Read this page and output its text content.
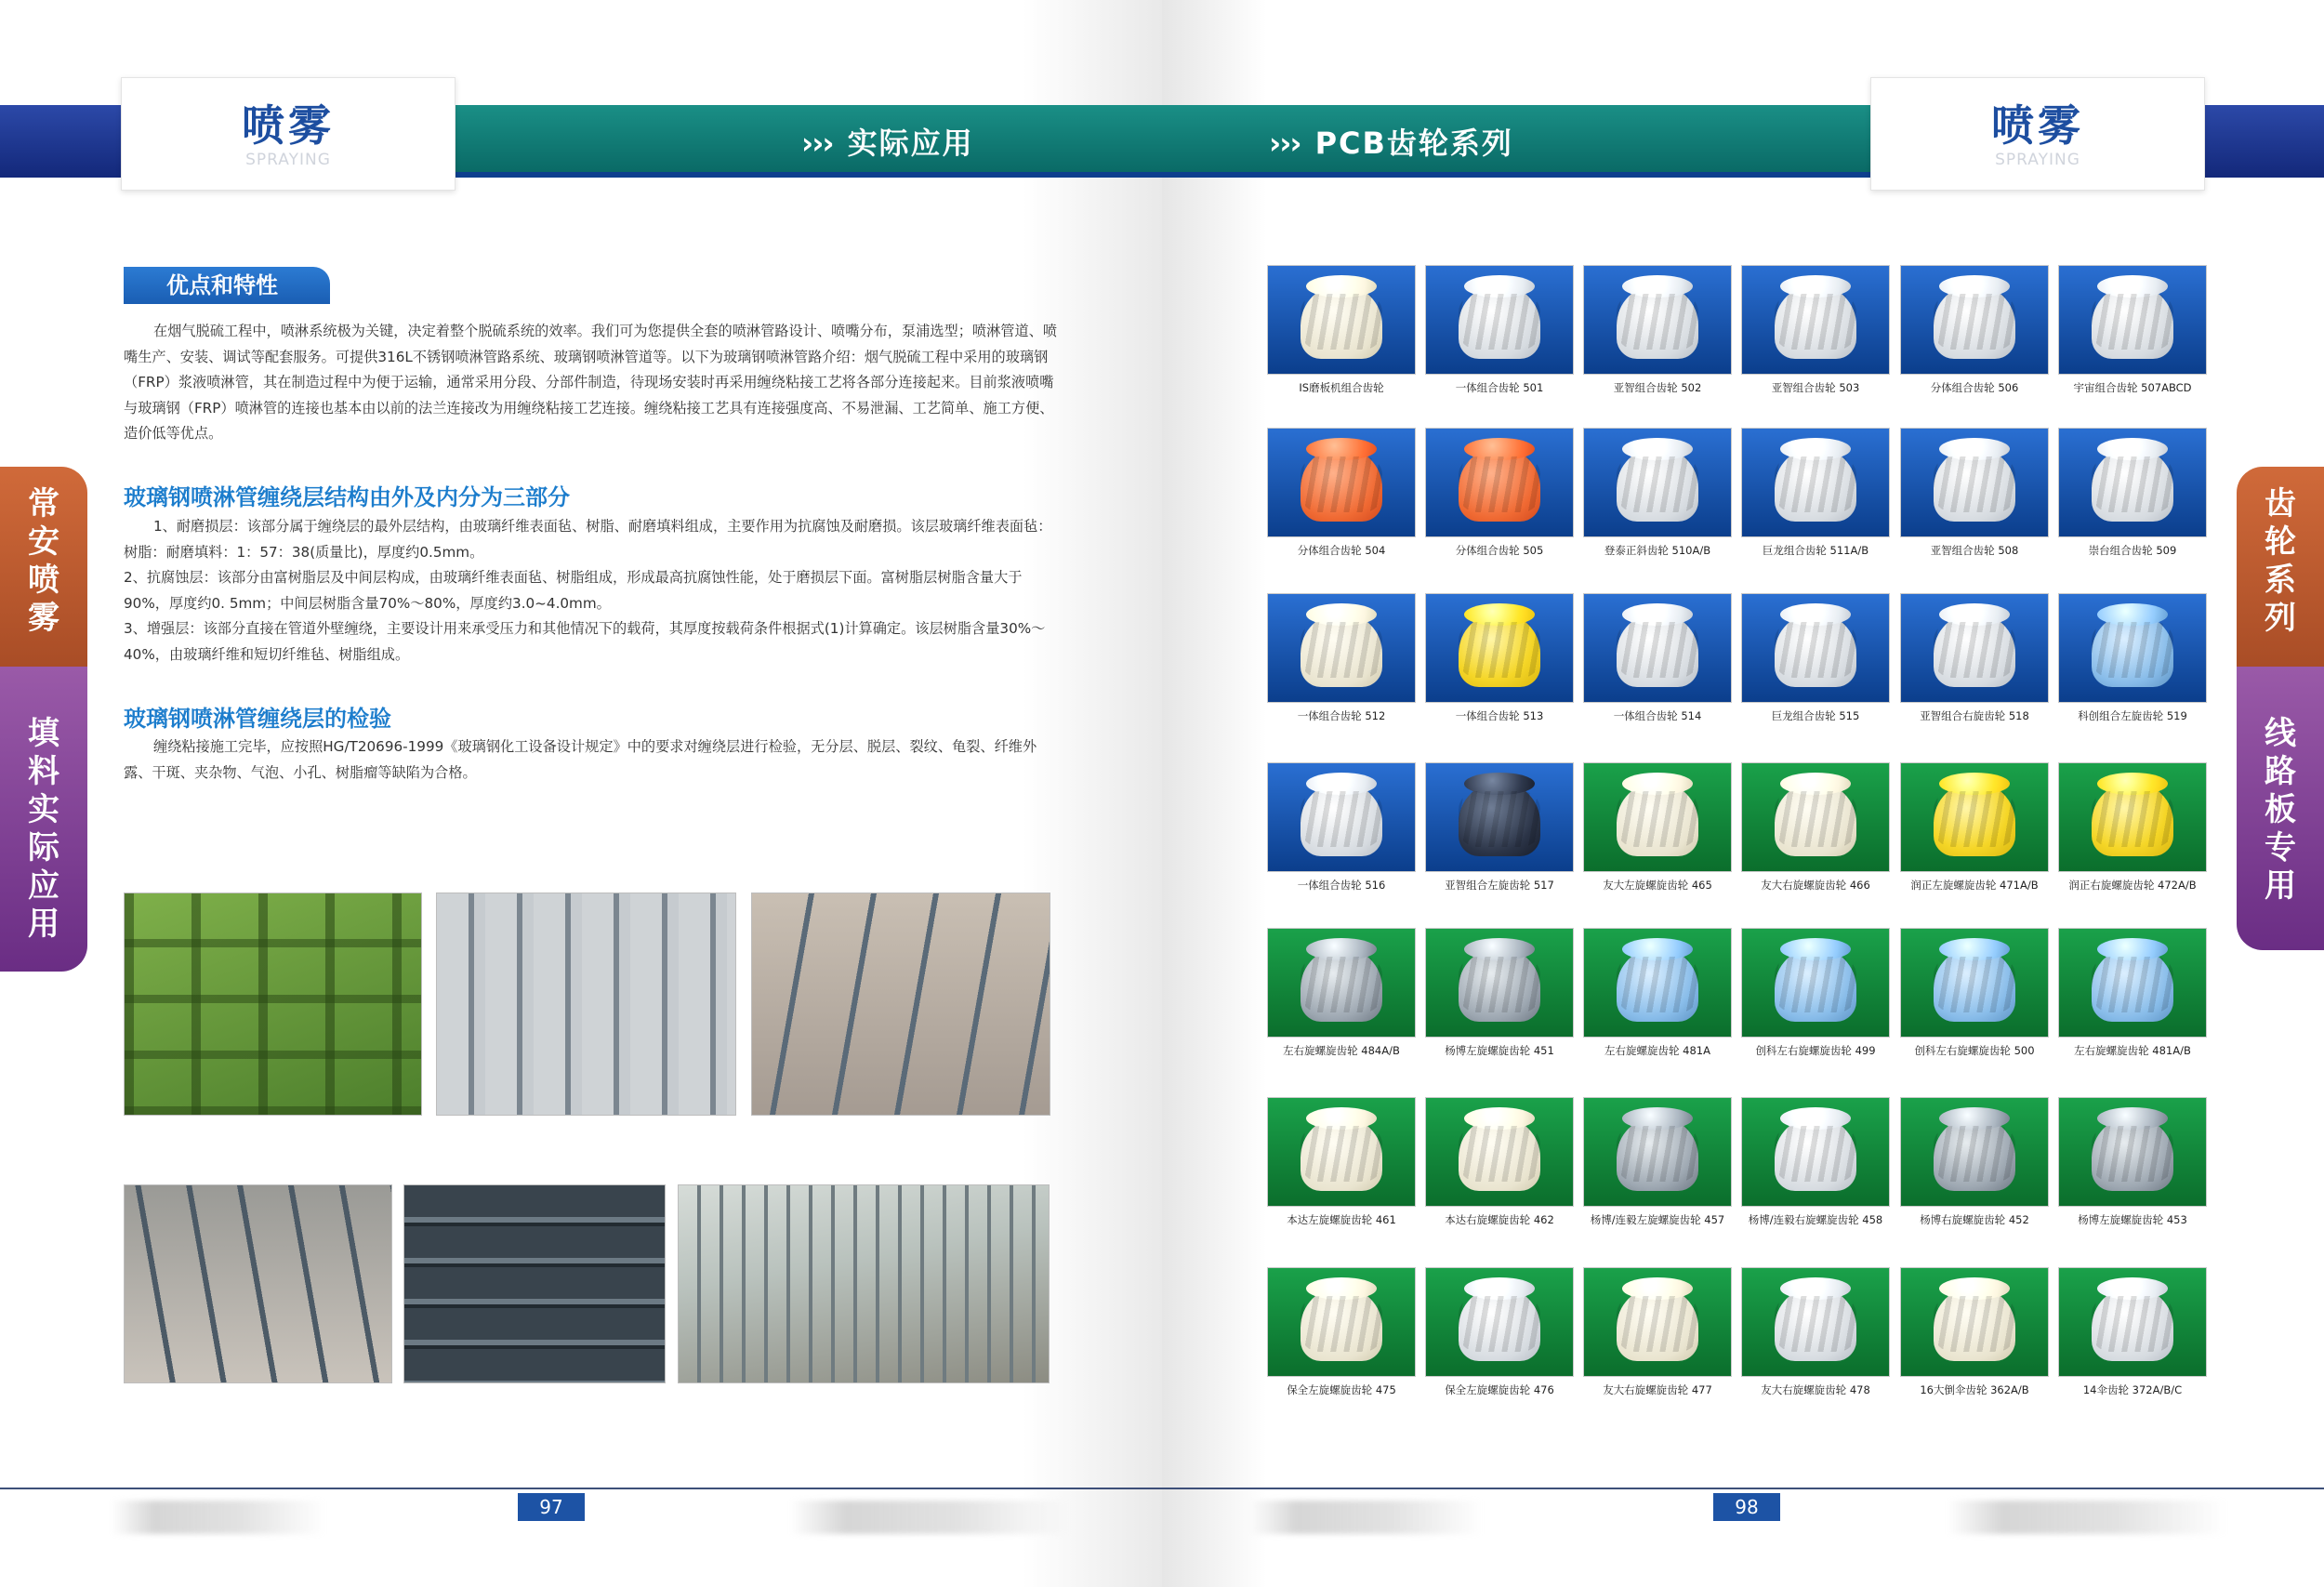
››› 实际应用
喷雾
SPRAYING
优点和特性
在烟气脱硫工程中，喷淋系统极为关键，决定着整个脱硫系统的效率。我们可为您提供全套的喷淋管路设计、喷嘴分布，泵浦选型；喷淋管道、喷嘴生产、安装、调试等配套服务。可提供316L不锈钢喷淋管路系统、玻璃钢喷淋管道等。以下为玻璃钢喷淋管路介绍：烟气脱硫工程中采用的玻璃钢（FRP）浆液喷淋管，其在制造过程中为便于运输，通常采用分段、分部件制造，待现场安装时再采用缠绕粘接工艺将各部分连接起来。目前浆液喷嘴与玻璃钢（FRP）喷淋管的连接也基本由以前的法兰连接改为用缠绕粘接工艺连接。缠绕粘接工艺具有连接强度高、不易泄漏、工艺简单、施工方便、造价低等优点。
玻璃钢喷淋管缠绕层结构由外及内分为三部分
1、耐磨损层：该部分属于缠绕层的最外层结构，由玻璃纤维表面毡、树脂、耐磨填料组成，主要作用为抗腐蚀及耐磨损。该层玻璃纤维表面毡：树脂：耐磨填料：1：57：38(质量比)，厚度约0.5mm。
2、抗腐蚀层：该部分由富树脂层及中间层构成，由玻璃纤维表面毡、树脂组成，形成最高抗腐蚀性能，处于磨损层下面。富树脂层树脂含量大于90%，厚度约0. 5mm；中间层树脂含量70%～80%，厚度约3.0~4.0mm。
3、增强层：该部分直接在管道外壁缠绕，主要设计用来承受压力和其他情况下的载荷，其厚度按载荷条件根据式(1)计算确定。该层树脂含量30%～40%，由玻璃纤维和短切纤维毡、树脂组成。
玻璃钢喷淋管缠绕层的检验
缠绕粘接施工完毕，应按照HG/T20696-1999《玻璃钢化工设备设计规定》中的要求对缠绕层进行检验，无分层、脱层、裂纹、龟裂、纤维外露、干斑、夹杂物、气泡、小孔、树脂瘤等缺陷为合格。
常安喷雾
填料实际应用
97
››› PCB齿轮系列	喷雾
SPRAYING
IS磨板机组合齿轮	一体组合齿轮 501	亚智组合齿轮 502	亚智组合齿轮 503	分体组合齿轮 506	宇宙组合齿轮 507ABCD
分体组合齿轮 504	分体组合齿轮 505	登泰正斜齿轮 510A/B	巨龙组合齿轮 511A/B	亚智组合齿轮 508	崇台组合齿轮 509
一体组合齿轮 512	一体组合齿轮 513	一体组合齿轮 514	巨龙组合齿轮 515	亚智组合右旋齿轮 518	科创组合左旋齿轮 519
一体组合齿轮 516	亚智组合左旋齿轮 517	友大左旋螺旋齿轮 465	友大右旋螺旋齿轮 466	润正左旋螺旋齿轮 471A/B	润正右旋螺旋齿轮 472A/B
左右旋螺旋齿轮 484A/B	杨博左旋螺旋齿轮 451	左右旋螺旋齿轮 481A	创科左右旋螺旋齿轮 499	创科左右旋螺旋齿轮 500	左右旋螺旋齿轮 481A/B
本达左旋螺旋齿轮 461	本达右旋螺旋齿轮 462	杨博/连毅左旋螺旋齿轮 457	杨博/连毅右旋螺旋齿轮 458	杨博右旋螺旋齿轮 452	杨博左旋螺旋齿轮 453
保全左旋螺旋齿轮 475	保全左旋螺旋齿轮 476	友大右旋螺旋齿轮 477	友大右旋螺旋齿轮 478	16大倒伞齿轮 362A/B	14伞齿轮 372A/B/C
齿轮系列
线路板专用
98
